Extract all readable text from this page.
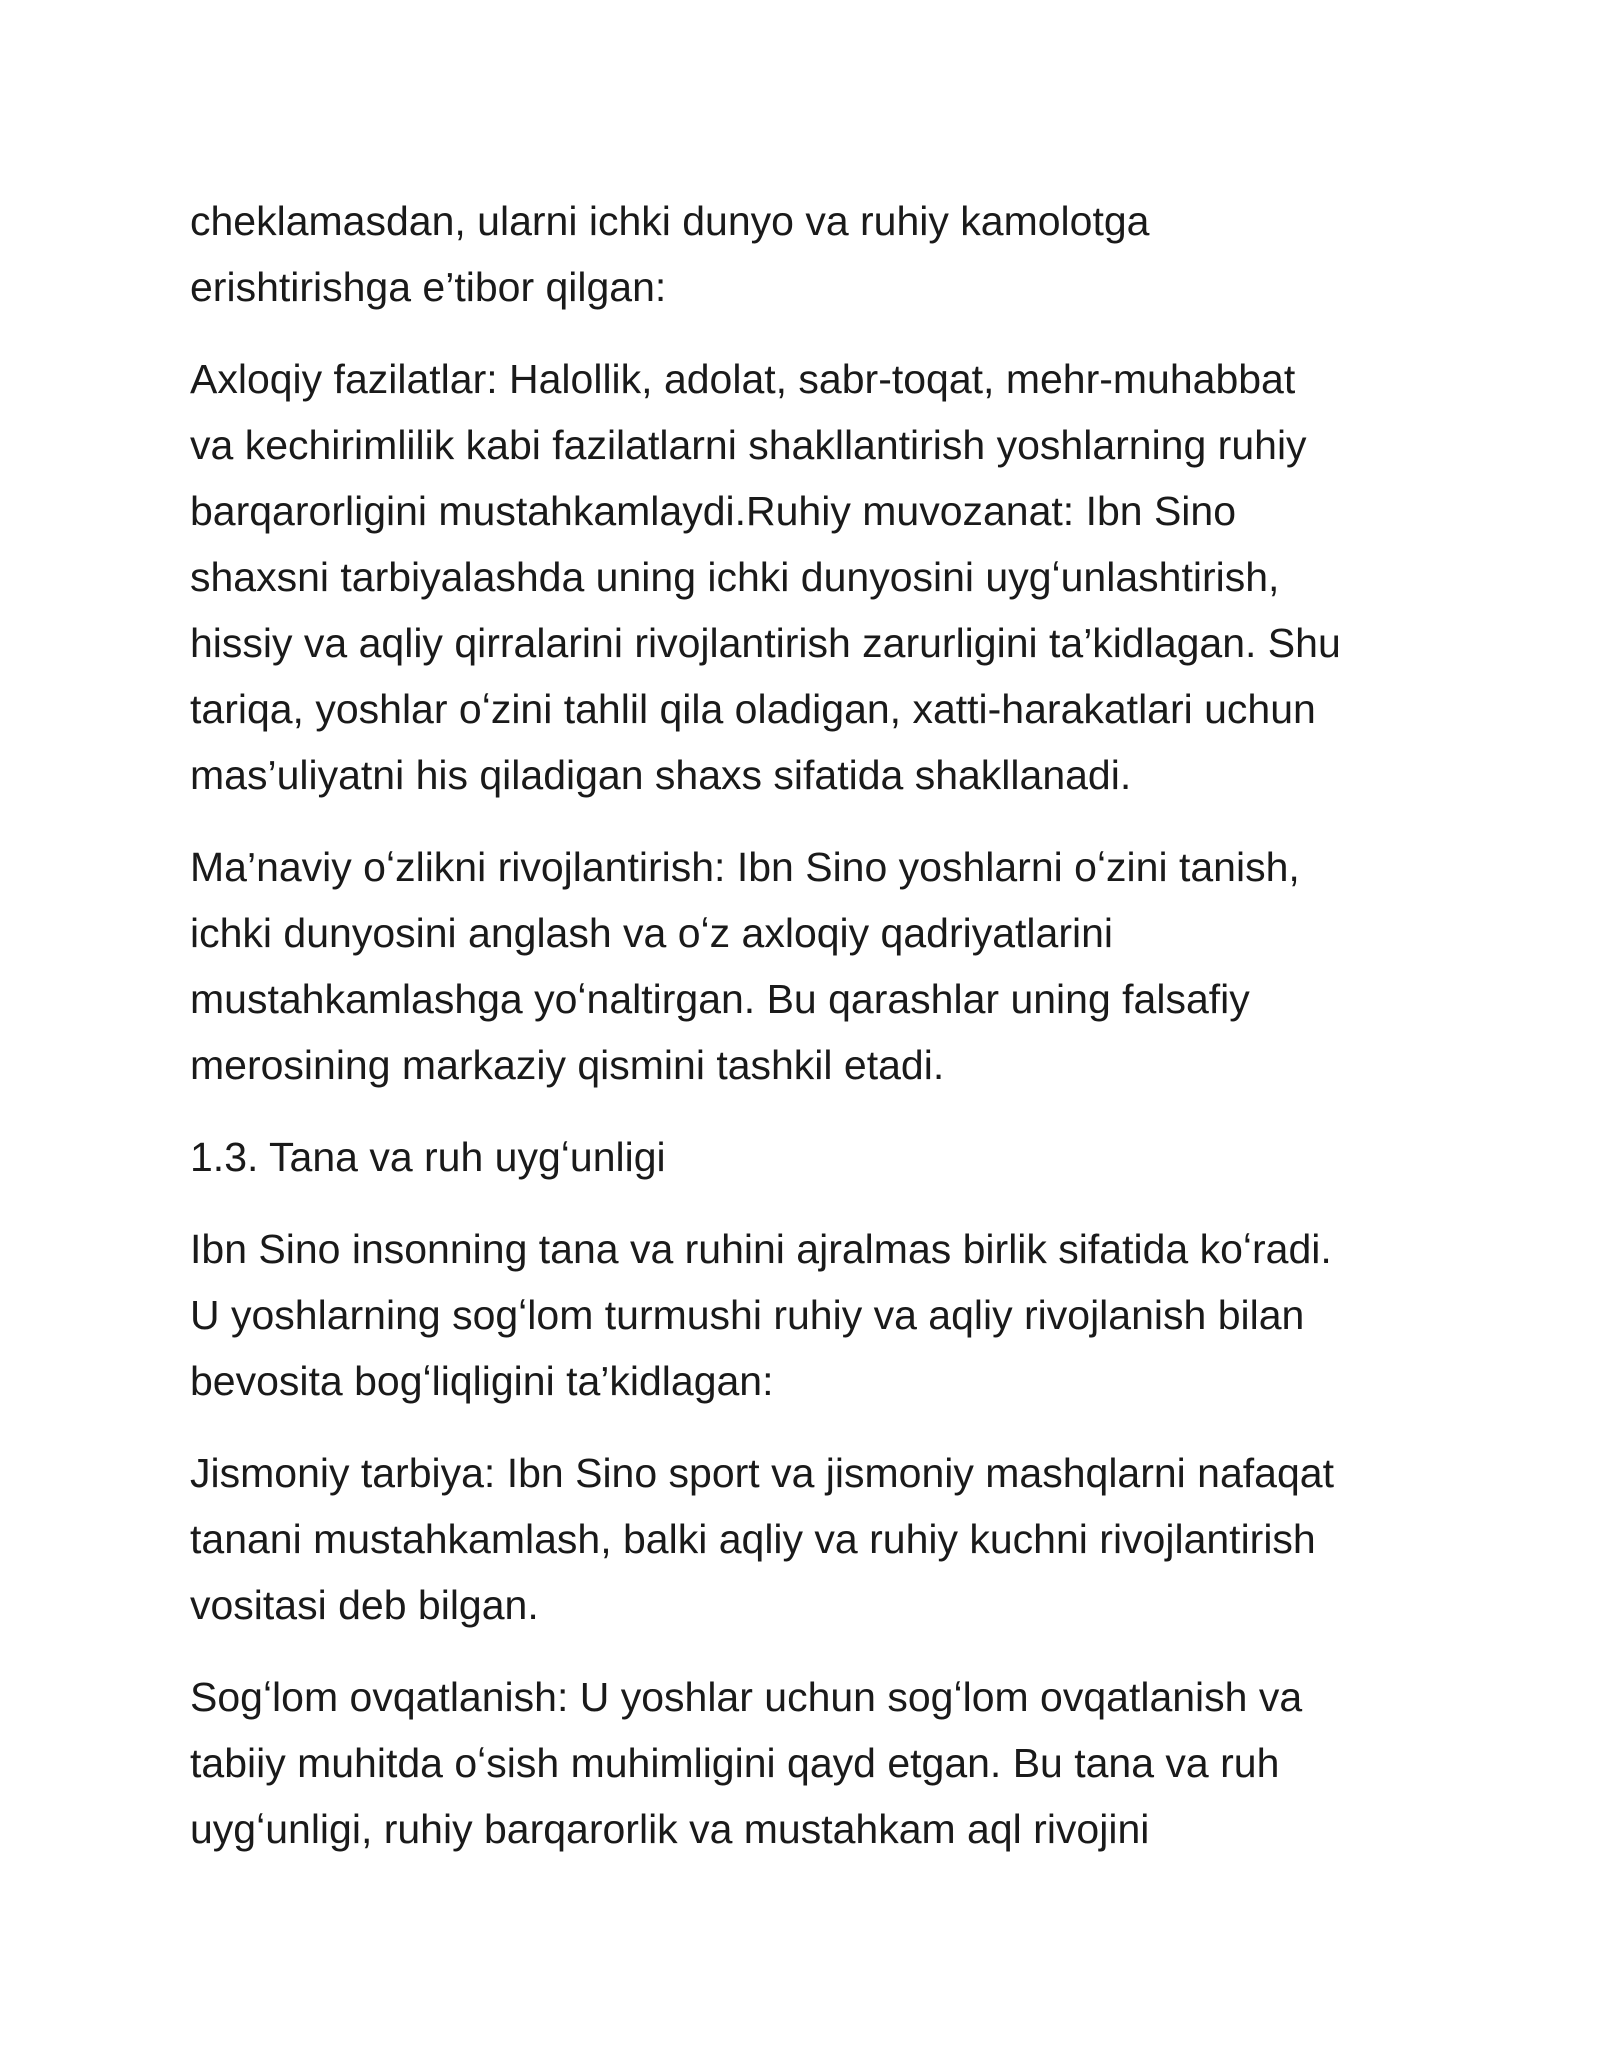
cheklamasdan, ularni ichki dunyo va ruhiy kamolotga
erishtirishga e’tibor qilgan:

Axloqiy fazilatlar: Halollik, adolat, sabr-toqat, mehr-muhabbat
va kechirimlilik kabi fazilatlarni shakllantirish yoshlarning ruhiy
barqarorligini mustahkamlaydi.Ruhiy muvozanat: Ibn Sino
shaxsni tarbiyalashda uning ichki dunyosini uygʻunlashtirish,
hissiy va aqliy qirralarini rivojlantirish zarurligini ta’kidlagan. Shu
tariqa, yoshlar oʻzini tahlil qila oladigan, xatti-harakatlari uchun
mas’uliyatni his qiladigan shaxs sifatida shakllanadi.

Ma’naviy oʻzlikni rivojlantirish: Ibn Sino yoshlarni oʻzini tanish,
ichki dunyosini anglash va oʻz axloqiy qadriyatlarini
mustahkamlashga yoʻnaltirgan. Bu qarashlar uning falsafiy
merosining markaziy qismini tashkil etadi.

1.3. Tana va ruh uygʻunligi

Ibn Sino insonning tana va ruhini ajralmas birlik sifatida koʻradi.
U yoshlarning sogʻlom turmushi ruhiy va aqliy rivojlanish bilan
bevosita bogʻliqligini ta’kidlagan:

Jismoniy tarbiya: Ibn Sino sport va jismoniy mashqlarni nafaqat
tanani mustahkamlash, balki aqliy va ruhiy kuchni rivojlantirish
vositasi deb bilgan.

Sogʻlom ovqatlanish: U yoshlar uchun sogʻlom ovqatlanish va
tabiiy muhitda oʻsish muhimligini qayd etgan. Bu tana va ruh
uygʻunligi, ruhiy barqarorlik va mustahkam aql rivojini
